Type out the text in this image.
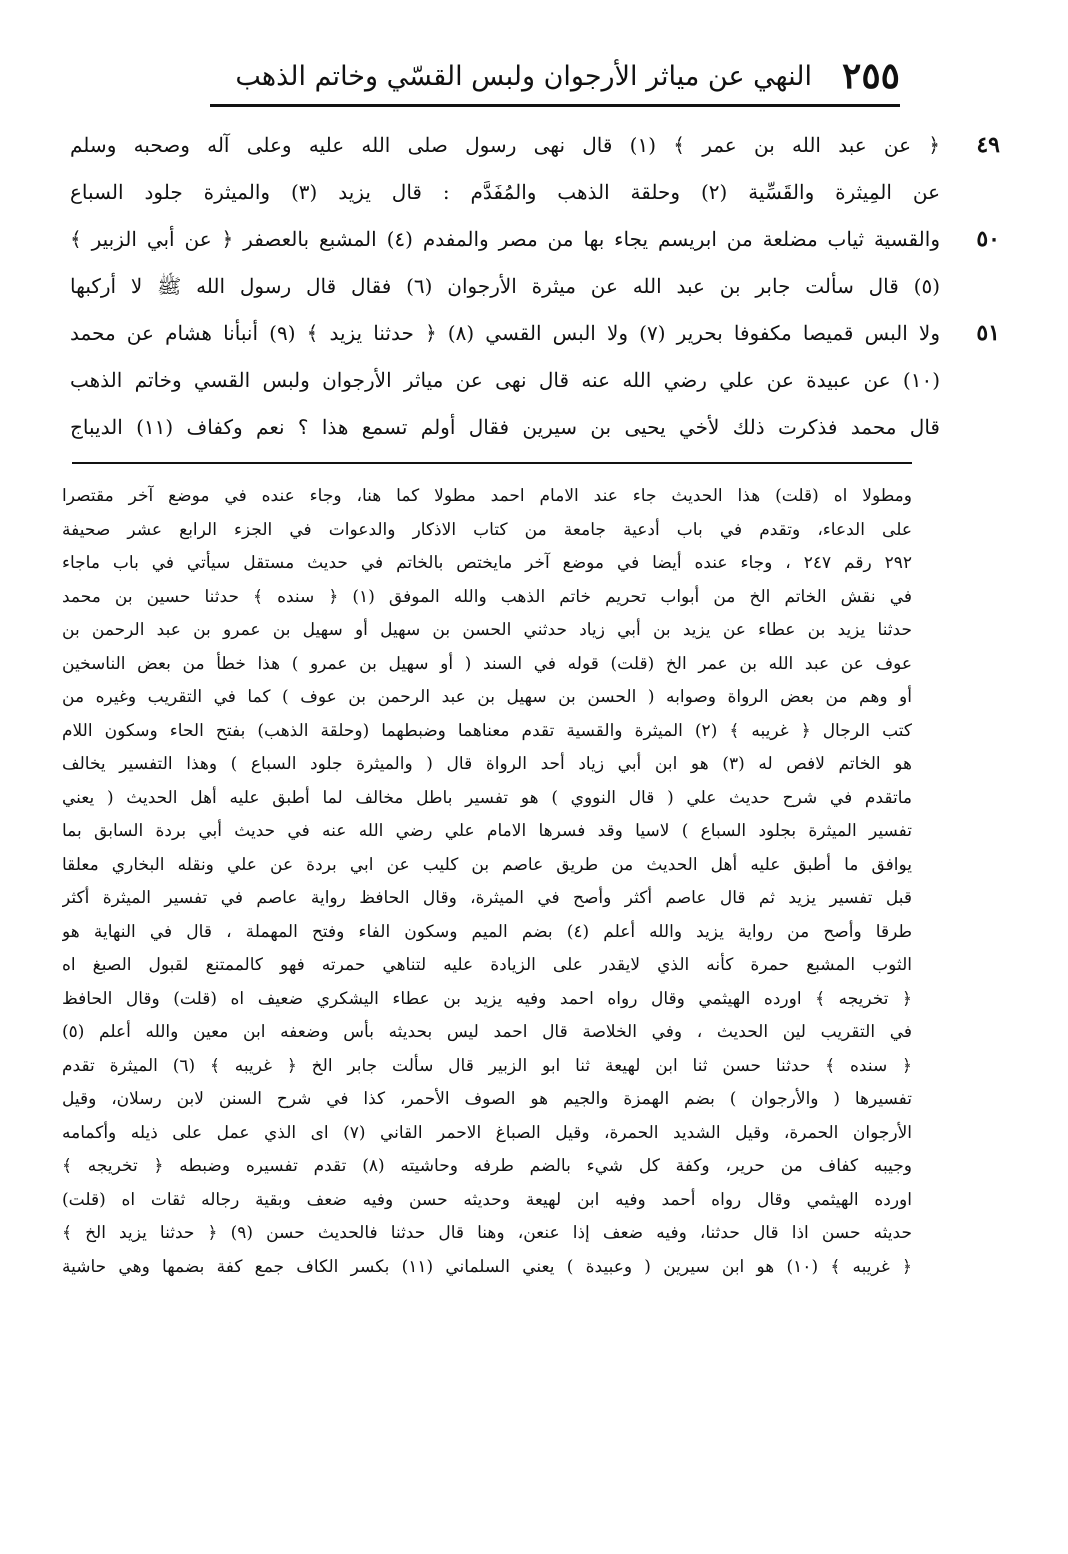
٢٥٥
النهي عن مياثر الأرجوان ولبس القسّي وخاتم الذهب
٤٩
﴿ عن عبد الله بن عمر ﴾ (١) قال نهى رسول صلى الله عليه وعلى آله وصحبه وسلم
عن المِيثرة والقَسِّية (٢) وحلقة الذهب والمُفَدَّم : قال يزيد (٣) والميثرة جلود السباع
٥٠
والقسية ثياب مضلعة من ابريسم يجاء بها من مصر والمفدم (٤) المشبع بالعصفر ﴿ عن أبي الزبير ﴾
(٥) قال سألت جابر بن عبد الله عن ميثرة الأرجوان (٦) فقال قال رسول الله ﷺ لا أركبها
٥١
ولا البس قميصا مكفوفا بحرير (٧) ولا البس القسي (٨) ﴿ حدثنا يزيد ﴾ (٩) أنبأنا هشام عن محمد
(١٠) عن عبيدة عن علي رضي الله عنه قال نهى عن مياثر الأرجوان ولبس القسي وخاتم الذهب
قال محمد فذكرت ذلك لأخي يحيى بن سيرين فقال أولم تسمع هذا ؟ نعم وكفاف (١١) الديباج
ومطولا اه (قلت) هذا الحديث جاء عند الامام احمد مطولا كما هنا، وجاء عنده في موضع آخر مقتصرا
على الدعاء، وتقدم في باب أدعية جامعة من كتاب الاذكار والدعوات في الجزء الرابع عشر صحيفة
٢٩٢ رقم ٢٤٧ ، وجاء عنده أيضا في موضع آخر مايختص بالخاتم في حديث مستقل سيأتي في باب ماجاء
في نقش الخاتم الخ من أبواب تحريم خاتم الذهب والله الموفق (١) ﴿ سنده ﴾ حدثنا حسين بن محمد
حدثنا يزيد بن عطاء عن يزيد بن أبي زياد حدثني الحسن بن سهيل أو سهيل بن عمرو بن عبد الرحمن بن
عوف عن عبد الله بن عمر الخ (قلت) قوله في السند ( أو سهيل بن عمرو ) هذا خطأ من بعض الناسخين
أو وهم من بعض الرواة وصوابه ( الحسن بن سهيل بن عبد الرحمن بن عوف ) كما في التقريب وغيره من
كتب الرجال ﴿ غريبه ﴾ (٢) الميثرة والقسية تقدم معناهما وضبطهما (وحلقة الذهب) بفتح الحاء وسكون اللام
هو الخاتم لافص له (٣) هو ابن أبي زياد أحد الرواة قال ( والميثرة جلود السباع ) وهذا التفسير يخالف
ماتقدم في شرح حديث علي ( قال النووي ) هو تفسير باطل مخالف لما أطبق عليه أهل الحديث ( يعني
تفسير الميثرة بجلود السباع ) لاسيا وقد فسرها الامام علي رضي الله عنه في حديث أبي بردة السابق بما
يوافق ما أطبق عليه أهل الحديث من طريق عاصم بن كليب عن ابي بردة عن علي ونقله البخاري معلقا
قبل تفسير يزيد ثم قال عاصم أكثر وأصح في الميثرة، وقال الحافظ رواية عاصم في تفسير الميثرة أكثر
طرقا وأصح من رواية يزيد والله أعلم (٤) بضم الميم وسكون الفاء وفتح المهملة ، قال في النهاية هو
الثوب المشبع حمرة كأنه الذي لايقدر على الزيادة عليه لتناهي حمرته فهو كالممتنع لقبول الصبغ اه
﴿ تخريجه ﴾ اورده الهيثمي وقال رواه احمد وفيه يزيد بن عطاء اليشكري ضعيف اه (قلت) وقال الحافظ
في التقريب لين الحديث ، وفي الخلاصة قال احمد ليس بحديثه بأس وضعفه ابن معين والله أعلم (٥)
﴿ سنده ﴾ حدثنا حسن ثنا ابن لهيعة ثنا ابو الزبير قال سألت جابر الخ ﴿ غريبه ﴾ (٦) الميثرة تقدم
تفسيرها ( والأرجوان ) بضم الهمزة والجيم هو الصوف الأحمر، كذا في شرح السنن لابن رسلان، وقيل
الأرجوان الحمرة، وقيل الشديد الحمرة، وقيل الصباغ الاحمر القاني (٧) اى الذي عمل على ذيله وأكمامه
وجيبه كفاف من حرير، وكفة كل شيء بالضم طرفه وحاشيته (٨) تقدم تفسيره وضبطه ﴿ تخريجه ﴾
اورده الهيثمي وقال رواه أحمد وفيه ابن لهيعة وحديثه حسن وفيه ضعف وبقية رجاله ثقات اه (قلت)
حديثه حسن اذا قال حدثنا، وفيه ضعف إذا عنعن، وهنا قال حدثنا فالحديث حسن (٩) ﴿ حدثنا يزيد الخ ﴾
﴿ غريبه ﴾ (١٠) هو ابن سيرين ( وعبيدة ) يعني السلماني (١١) بكسر الكاف جمع كفة بضمها وهي حاشية
